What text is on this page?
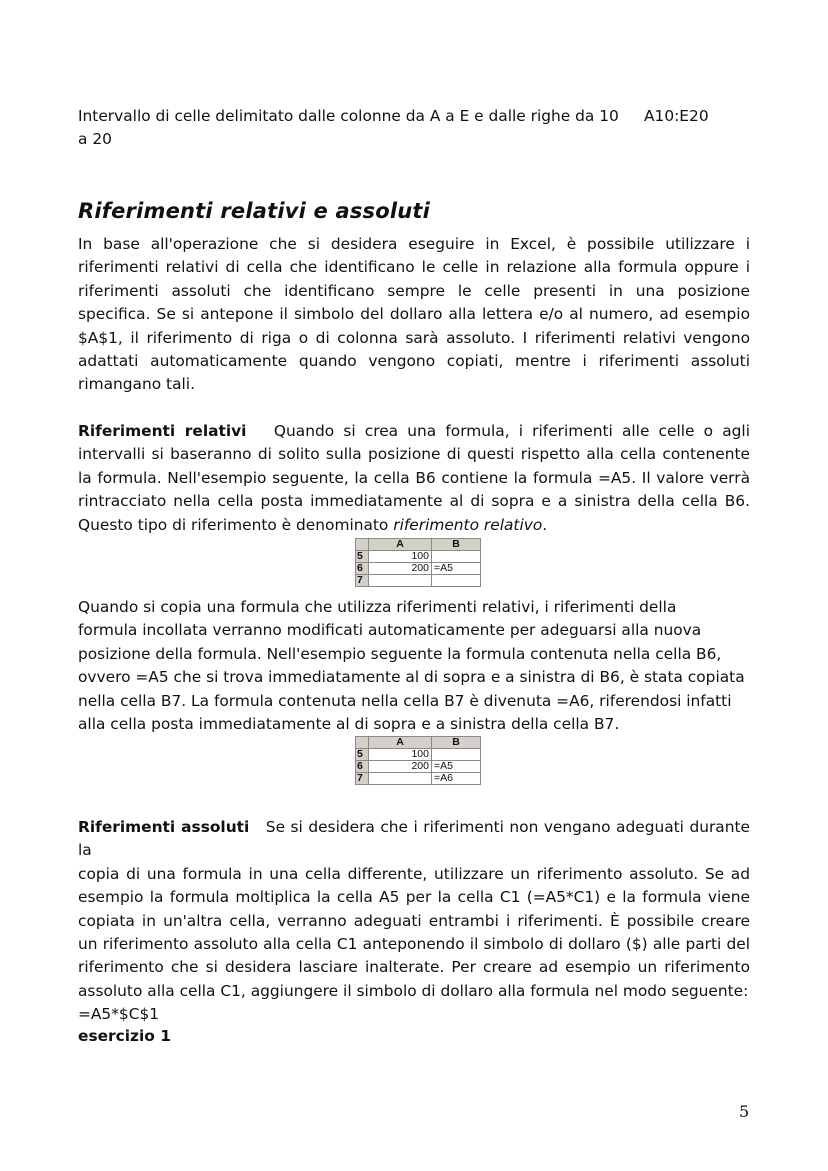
Intervallo di celle delimitato dalle colonne da A a E e dalle righe da 10 A10:E20
a 20
Riferimenti relativi e assoluti
In base all'operazione che si desidera eseguire in Excel, è possibile utilizzare i
riferimenti relativi di cella che identificano le celle in relazione alla formula oppure i
riferimenti assoluti che identificano sempre le celle presenti in una posizione
specifica. Se si antepone il simbolo del dollaro alla lettera e/o al numero, ad esempio
$A$1, il riferimento di riga o di colonna sarà assoluto. I riferimenti relativi vengono
adattati automaticamente quando vengono copiati, mentre i riferimenti assoluti
rimangano tali.
Riferimenti relativi Quando si crea una formula, i riferimenti alle celle o agli
intervalli si baseranno di solito sulla posizione di questi rispetto alla cella contenente
la formula. Nell'esempio seguente, la cella B6 contiene la formula =A5. Il valore verrà
rintracciato nella cella posta immediatamente al di sopra e a sinistra della cella B6.
Questo tipo di riferimento è denominato riferimento relativo.
	A	B
5	100	
6	200	=A5
7		
Quando si copia una formula che utilizza riferimenti relativi, i riferimenti della
formula incollata verranno modificati automaticamente per adeguarsi alla nuova
posizione della formula. Nell'esempio seguente la formula contenuta nella cella B6,
ovvero =A5 che si trova immediatamente al di sopra e a sinistra di B6, è stata copiata
nella cella B7. La formula contenuta nella cella B7 è divenuta =A6, riferendosi infatti
alla cella posta immediatamente al di sopra e a sinistra della cella B7.
	A	B
5	100	
6	200	=A5
7		=A6
Riferimenti assoluti Se si desidera che i riferimenti non vengano adeguati durante la
copia di una formula in una cella differente, utilizzare un riferimento assoluto. Se ad
esempio la formula moltiplica la cella A5 per la cella C1 (=A5*C1) e la formula viene
copiata in un'altra cella, verranno adeguati entrambi i riferimenti. È possibile creare
un riferimento assoluto alla cella C1 anteponendo il simbolo di dollaro ($) alle parti del
riferimento che si desidera lasciare inalterate. Per creare ad esempio un riferimento
assoluto alla cella C1, aggiungere il simbolo di dollaro alla formula nel modo seguente:
=A5*$C$1
esercizio 1
5
